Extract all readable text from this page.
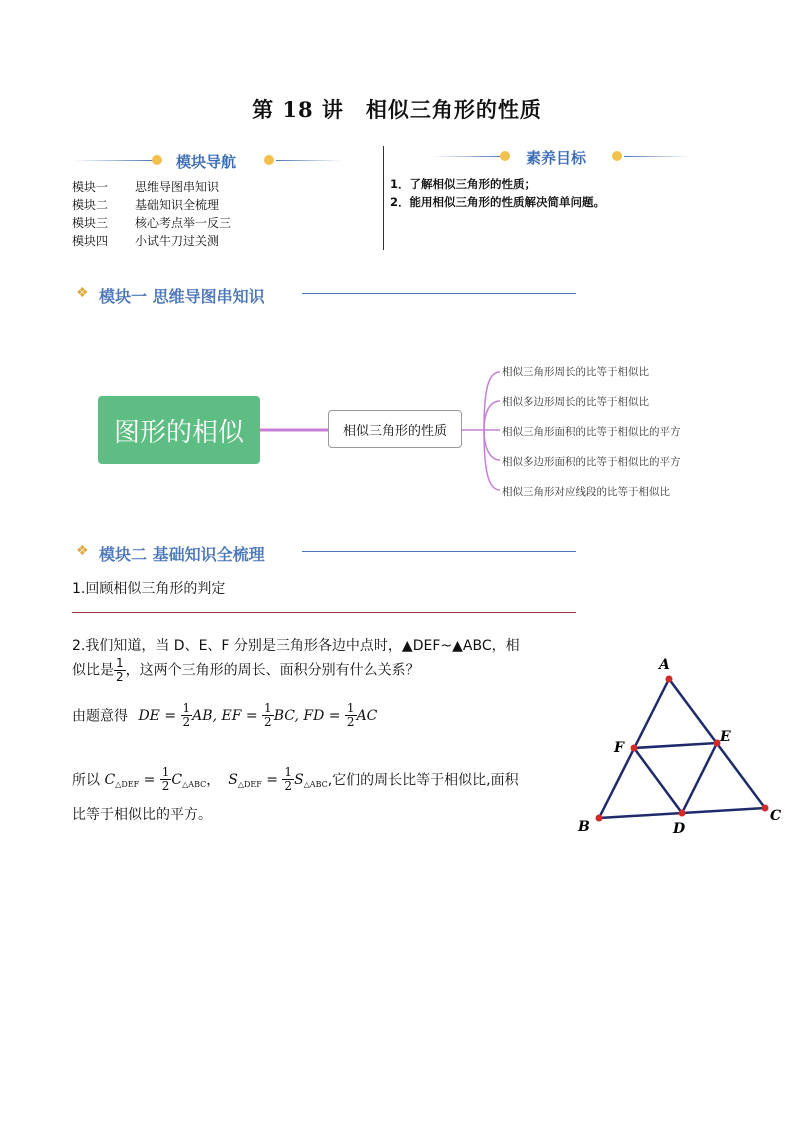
第 18 讲 相似三角形的性质
模块导航
模块一 思维导图串知识
模块二 基础知识全梳理
模块三 核心考点举一反三
模块四 小试牛刀过关测
素养目标
1．了解相似三角形的性质；
2．能用相似三角形的性质解决简单问题。
❖ 模块一 思维导图串知识
图形的相似	相似三角形的性质
相似三角形周长的比等于相似比
相似多边形周长的比等于相似比
相似三角形面积的比等于相似比的平方
相似多边形面积的比等于相似比的平方
相似三角形对应线段的比等于相似比
❖ 模块二 基础知识全梳理
1.回顾相似三角形的判定
2.我们知道，当 D、E、F 分别是三角形各边中点时，▲DEF~▲ABC，相
似比是 $\frac{1}{2}$ ，这两个三角形的周长、面积分别有什么关系？
由题意得 DE = $\frac{1}{2}$ AB, EF = $\frac{1}{2}$ BC, FD = $\frac{1}{2}$ AC
所以 $C_{\triangle DEF} = \frac{1}{2} C_{\triangle ABC}$， $S_{\triangle DEF} = \frac{1}{2} S_{\triangle ABC}$,它们的周长比等于相似比,面积
比等于相似比的平方。
A
B
C
D
E
F
